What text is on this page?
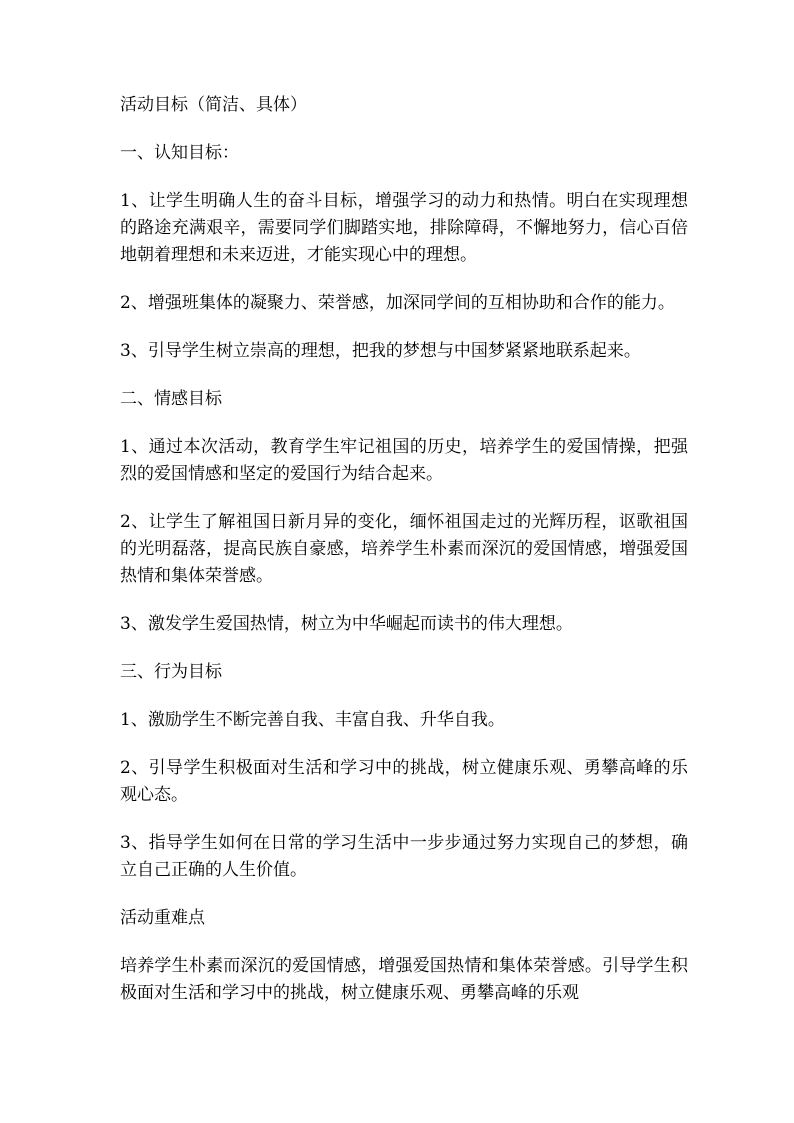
活动目标（简洁、具体）

一、认知目标：

1、让学生明确人生的奋斗目标，增强学习的动力和热情。明白在实现理想的路途充满艰辛，需要同学们脚踏实地，排除障碍，不懈地努力，信心百倍地朝着理想和未来迈进，才能实现心中的理想。

2、增强班集体的凝聚力、荣誉感，加深同学间的互相协助和合作的能力。

3、引导学生树立崇高的理想，把我的梦想与中国梦紧紧地联系起来。

二、情感目标

1、通过本次活动，教育学生牢记祖国的历史，培养学生的爱国情操，把强烈的爱国情感和坚定的爱国行为结合起来。

2、让学生了解祖国日新月异的变化，缅怀祖国走过的光辉历程，讴歌祖国的光明磊落，提高民族自豪感，培养学生朴素而深沉的爱国情感，增强爱国热情和集体荣誉感。

3、激发学生爱国热情，树立为中华崛起而读书的伟大理想。

三、行为目标

1、激励学生不断完善自我、丰富自我、升华自我。

2、引导学生积极面对生活和学习中的挑战，树立健康乐观、勇攀高峰的乐观心态。

3、指导学生如何在日常的学习生活中一步步通过努力实现自己的梦想，确立自己正确的人生价值。

活动重难点

培养学生朴素而深沉的爱国情感，增强爱国热情和集体荣誉感。引导学生积极面对生活和学习中的挑战，树立健康乐观、勇攀高峰的乐观
